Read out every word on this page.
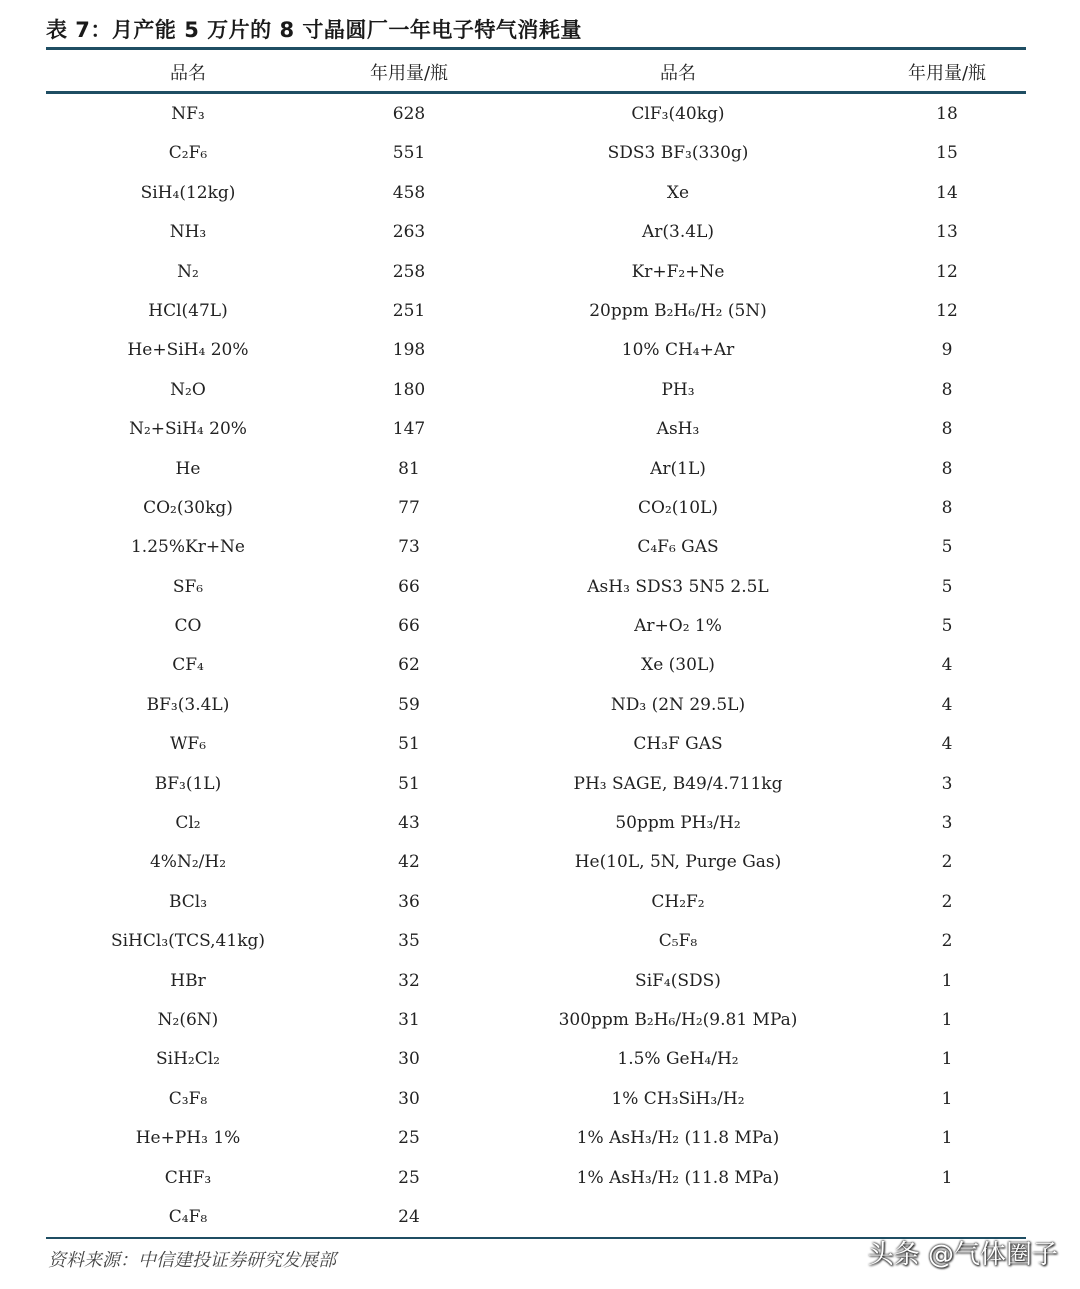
表 7：月产能 5 万片的 8 寸晶圆厂一年电子特气消耗量
品名	年用量/瓶	品名	年用量/瓶
NF₃	628	ClF₃(40kg)	18
C₂F₆	551	SDS3 BF₃(330g)	15
SiH₄(12kg)	458	Xe	14
NH₃	263	Ar(3.4L)	13
N₂	258	Kr+F₂+Ne	12
HCl(47L)	251	20ppm B₂H₆/H₂ (5N)	12
He+SiH₄ 20%	198	10% CH₄+Ar	9
N₂O	180	PH₃	8
N₂+SiH₄ 20%	147	AsH₃	8
He	81	Ar(1L)	8
CO₂(30kg)	77	CO₂(10L)	8
1.25%Kr+Ne	73	C₄F₆ GAS	5
SF₆	66	AsH₃ SDS3 5N5 2.5L	5
CO	66	Ar+O₂ 1%	5
CF₄	62	Xe (30L)	4
BF₃(3.4L)	59	ND₃ (2N 29.5L)	4
WF₆	51	CH₃F GAS	4
BF₃(1L)	51	PH₃ SAGE, B49/4.711kg	3
Cl₂	43	50ppm PH₃/H₂	3
4%N₂/H₂	42	He(10L, 5N, Purge Gas)	2
BCl₃	36	CH₂F₂	2
SiHCl₃(TCS,41kg)	35	C₅F₈	2
HBr	32	SiF₄(SDS)	1
N₂(6N)	31	300ppm B₂H₆/H₂(9.81 MPa)	1
SiH₂Cl₂	30	1.5% GeH₄/H₂	1
C₃F₈	30	1% CH₃SiH₃/H₂	1
He+PH₃ 1%	25	1% AsH₃/H₂ (11.8 MPa)	1
CHF₃	25	1% AsH₃/H₂ (11.8 MPa)	1
C₄F₈	24
资料来源：中信建投证券研究发展部	头条 @气体圈子
